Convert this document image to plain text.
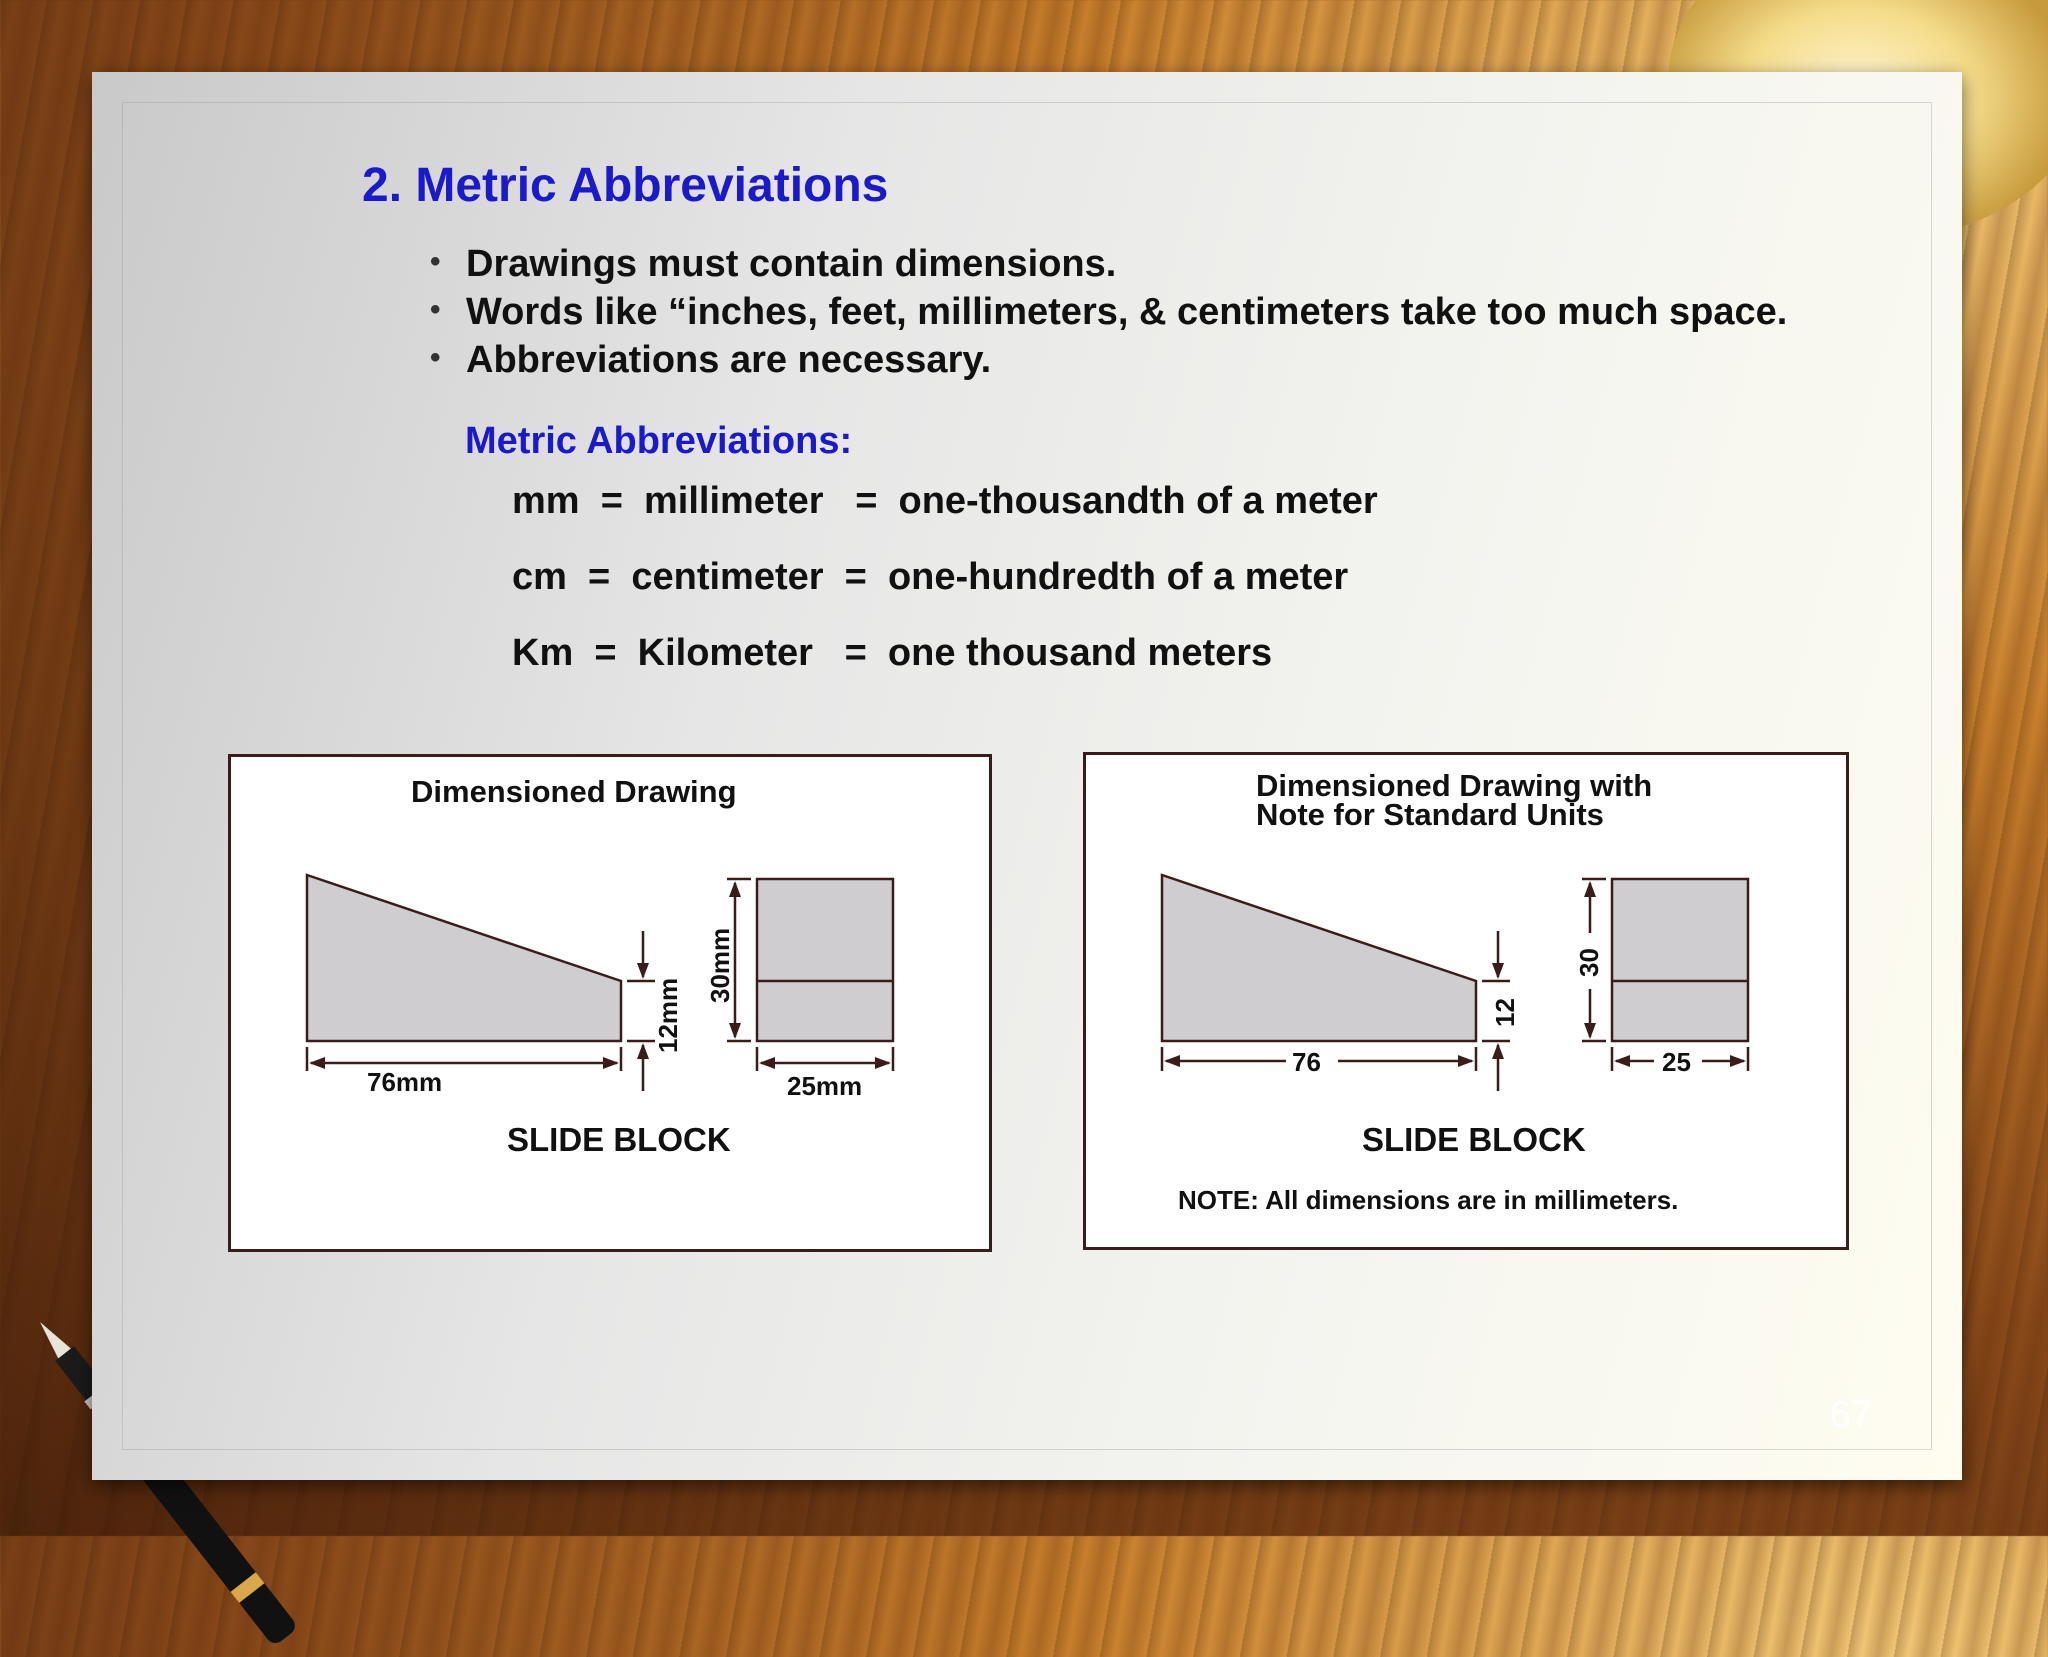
2. Metric Abbreviations
• Drawings must contain dimensions.
• Words like “inches, feet, millimeters, & centimeters take too much space.
• Abbreviations are necessary.
Metric Abbreviations:
mm  =  millimeter   =  one-thousandth of a meter
cm  =  centimeter  =  one-hundredth of a meter
Km  =  Kilometer   =  one thousand meters
76mm	25mm
12mm
30mm
Dimensioned Drawing
SLIDE BLOCK
76	25
12
30
Dimensioned Drawing with
Note for Standard Units
SLIDE BLOCK
NOTE: All dimensions are in millimeters.
67
